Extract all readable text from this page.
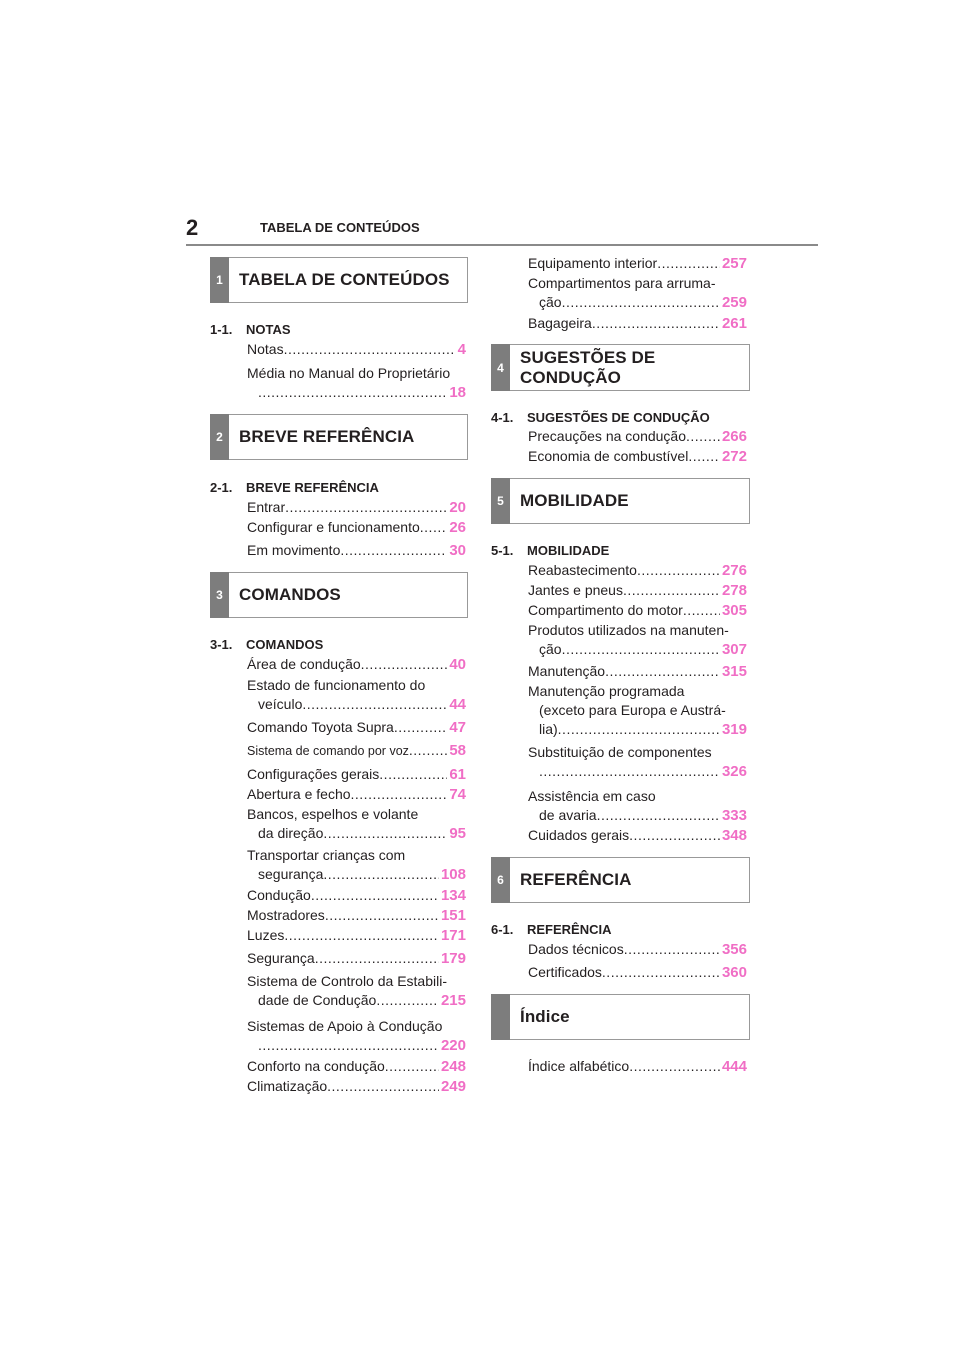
2	TABELA DE CONTEÚDOS
1 TABELA DE CONTEÚDOS
1-1. NOTAS
Notas .....	4
Média no Manual do Proprietário
.....
18
2 BREVE REFERÊNCIA
2-1. BREVE REFERÊNCIA
Entrar .....	20
Configurar e funcionamento ..... 26
Em movimento .....	30
3 COMANDOS
3-1. COMANDOS
Área de condução .....	40
Estado de funcionamento do
veículo .....	44
Comando Toyota Supra .....	47
Sistema de comando por voz .....	58
Configurações gerais .....	61
Abertura e fecho .....	74
Bancos, espelhos e volante
da direção .....	95
Transportar crianças com
segurança .....	108
Condução .....	134
Mostradores .....	151
Luzes .....	171
Segurança .....	179
Sistema de Controlo da Estabili-
dade de Condução .....	215
Sistemas de Apoio à Condução
.....
220
Conforto na condução .....	248
Climatização .....	249
Equipamento interior .....	257
Compartimentos para arruma-
ção .....	259
Bagageira .....	261
4
SUGESTÕES DE CONDUÇÃO
4-1. SUGESTÕES DE CONDUÇÃO
Precauções na condução ..... 266
Economia de combustível ..... 272
5 MOBILIDADE
5-1. MOBILIDADE
Reabastecimento .....	276
Jantes e pneus .....	278
Compartimento do motor .....	305
Produtos utilizados na manuten-
ção .....	307
Manutenção .....	315
Manutenção programada
(exceto para Europa e Austrá-
lia) .....	319
Substituição de componentes
.....
326
Assistência em caso
de avaria .....	333
Cuidados gerais .....	348
6 REFERÊNCIA
6-1. REFERÊNCIA
Dados técnicos .....	356
Certificados .....	360
Índice
Índice alfabético .....	444
